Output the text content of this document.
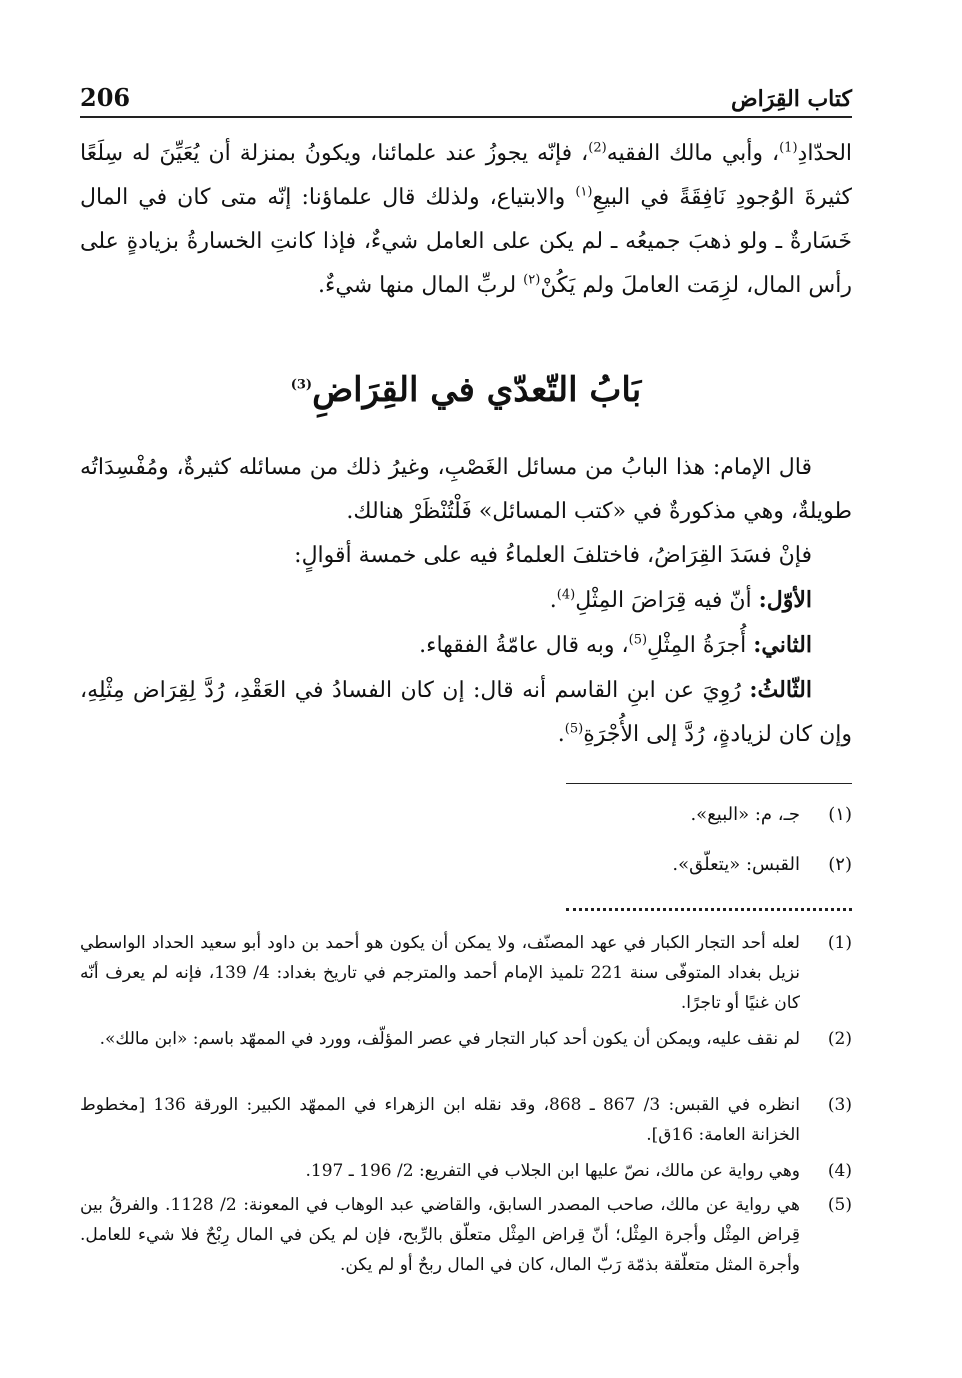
206	كتاب القِرَاض

الحدّادِ$^{(1)}$، وأبي مالك الفقيه$^{(2)}$، فإنّه يجوزُ عند علمائنا، ويكونُ بمنزلة أن يُعَيِّنَ له سِلَعًا كثيرةَ الوُجودِ نَافِقَةً في البيعِ$^{(١)}$ والابتياع، ولذلك قال علماؤنا: إنّه متى كان في المال خَسَارةٌ ـ ولو ذهبَ جميعُه ـ لم يكن على العامل شيءٌ، فإذا كانتِ الخسارةُ بزيادةٍ على رأس المال، لزِمَت العاملَ ولم يَكُنْ$^{(٢)}$ لربِّ المال منها شيءٌ.

بَابُ التّعدّي في القِرَاضِ$^{(3)}$

قال الإمام: هذا البابُ من مسائل الغَصْبِ، وغيرُ ذلك من مسائله كثيرةٌ، ومُفْسِدَاتُه طويلةٌ، وهي مذكورةٌ في «كتب المسائل» فَلْتُنْظَرْ هنالك.

فإنْ فسَدَ القِرَاضُ، فاختلفَ العلماءُ فيه على خمسة أقوالٍ:

الأوّل: أنّ فيه قِرَاضَ المِثْلِ$^{(4)}$.

الثاني: أُجرَةُ المِثْلِ$^{(5)}$، وبه قال عامّةُ الفقهاء.

الثّالثُ: رُوِيَ عن ابنِ القاسم أنه قال: إن كان الفسادُ في العَقْدِ، رُدَّ لِقِرَاض مِثْلِهِ، وإن كان لزيادةٍ، رُدَّ إلى الأُجْرَةِ$^{(5)}$.

(١)
جـ، م: «البيع».
(٢)
القبس: «يتعلّق».
(1)
لعله أحد التجار الكبار في عهد المصنّف، ولا يمكن أن يكون هو أحمد بن داود أبو سعيد الحداد الواسطي نزيل بغداد المتوفّى سنة 221 تلميذ الإمام أحمد والمترجم في تاريخ بغداد: 4/ 139، فإنه لم يعرف أنّه كان غنيًا أو تاجرًا.
(2)
لم نقف عليه، ويمكن أن يكون أحد كبار التجار في عصر المؤلّف، وورد في الممهّد باسم: «ابن مالك».
(3)
انظره في القبس: 3/ 867 ـ 868، وقد نقله ابن الزهراء في الممهّد الكبير: الورقة 136 [مخطوط الخزانة العامة: 16ق].
(4)
وهي رواية عن مالك، نصّ عليها ابن الجلاب في التفريع: 2/ 196 ـ 197.
(5)
هي رواية عن مالك، صاحب المصدر السابق، والقاضي عبد الوهاب في المعونة: 2/ 1128. والفرقُ بين قِراض المِثْل وأجرة المِثْل؛ أنّ قِراض المِثْل متعلّق بالرِّبح، فإن لم يكن في المال رِبْحٌ فلا شيء للعامل. وأجرة المثل متعلّقة بذمّة رَبّ المال، كان في المال ربحٌ أو لم يكن.
